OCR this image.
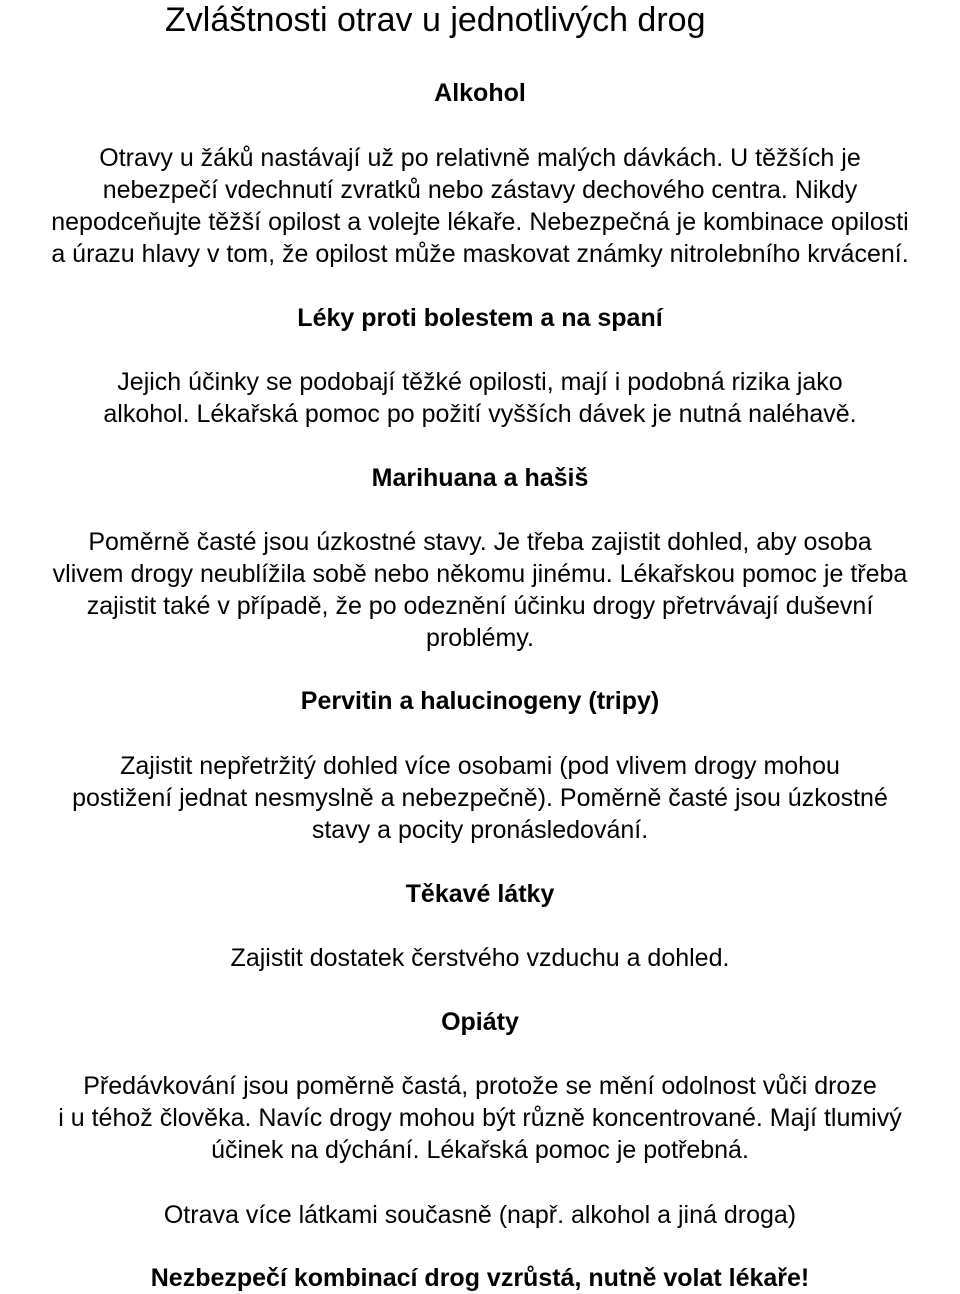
Zvláštnosti otrav u jednotlivých drog
Alkohol
Otravy u žáků nastávají už po relativně malých dávkách. U těžších je
nebezpečí vdechnutí zvratků nebo zástavy dechového centra. Nikdy
nepodceňujte těžší opilost a volejte lékaře. Nebezpečná je kombinace opilosti
a úrazu hlavy v tom, že opilost může maskovat známky nitrolebního krvácení.
Léky proti bolestem a na spaní
Jejich účinky se podobají těžké opilosti, mají i podobná rizika jako
alkohol. Lékařská pomoc po požití vyšších dávek je nutná naléhavě.
Marihuana a hašiš
Poměrně časté jsou úzkostné stavy. Je třeba zajistit dohled, aby osoba
vlivem drogy neublížila sobě nebo někomu jinému. Lékařskou pomoc je třeba
zajistit také v případě, že po odeznění účinku drogy přetrvávají duševní
problémy.
Pervitin a halucinogeny (tripy)
Zajistit nepřetržitý dohled více osobami (pod vlivem drogy mohou
postižení jednat nesmyslně a nebezpečně). Poměrně časté jsou úzkostné
stavy a pocity pronásledování.
Těkavé látky
Zajistit dostatek čerstvého vzduchu a dohled.
Opiáty
Předávkování jsou poměrně častá, protože se mění odolnost vůči droze
i u téhož člověka. Navíc drogy mohou být různě koncentrované. Mají tlumivý
účinek na dýchání. Lékařská pomoc je potřebná.
Otrava více látkami současně (např. alkohol a jiná droga)
Nezbezpečí kombinací drog vzrůstá, nutně volat lékaře!
